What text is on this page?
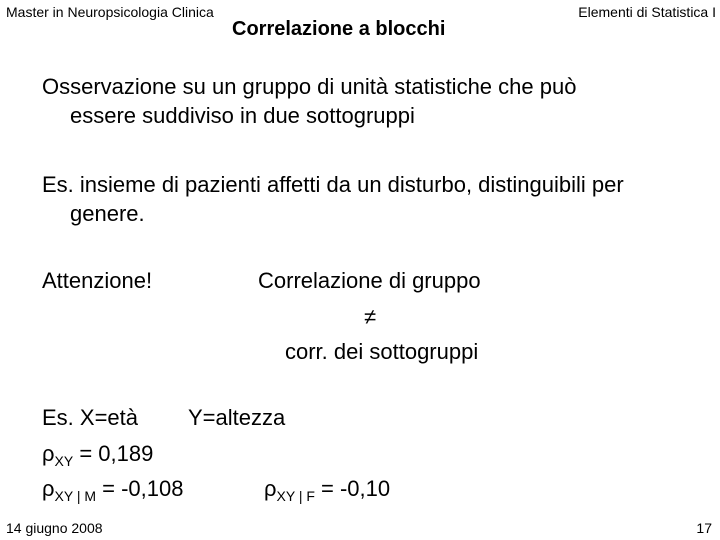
Master in Neuropsicologia Clinica
Correlazione a blocchi
Elementi di Statistica I
Osservazione su un gruppo di unità statistiche che può
essere suddiviso in due sottogruppi
Es. insieme di pazienti affetti da un disturbo, distinguibili per
genere.
Attenzione!	Correlazione di gruppo
≠
corr. dei sottogruppi
Es. X=età Y=altezza
$\rho_{XY} = 0,189$
$\rho_{XY | M} = -0,108$	$\rho_{XY | F} = -0,10$
14 giugno 2008	17
